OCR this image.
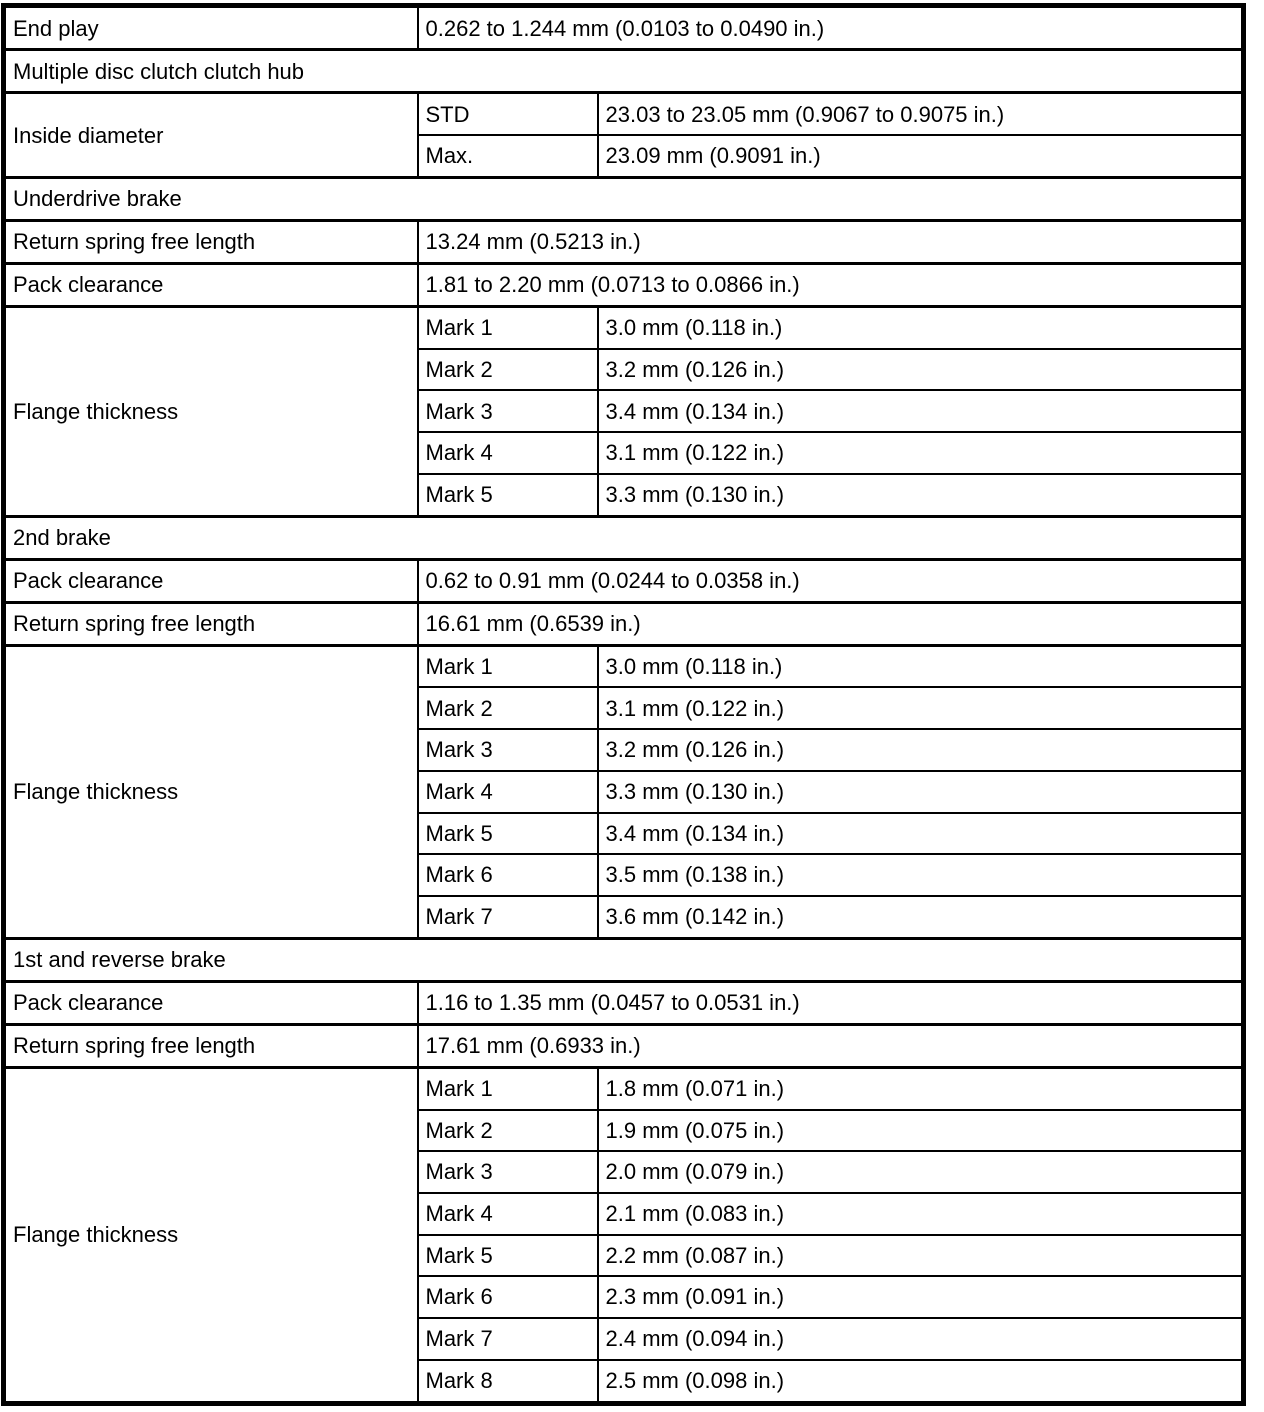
End play	0.262 to 1.244 mm (0.0103 to 0.0490 in.)	
Multiple disc clutch clutch hub		
Inside diameter	STD	23.03 to 23.05 mm (0.9067 to 0.9075 in.)
	Max.	23.09 mm (0.9091 in.)
Underdrive brake		
Return spring free length	13.24 mm (0.5213 in.)	
Pack clearance	1.81 to 2.20 mm (0.0713 to 0.0866 in.)	
Flange thickness	Mark 1	3.0 mm (0.118 in.)
	Mark 2	3.2 mm (0.126 in.)
	Mark 3	3.4 mm (0.134 in.)
	Mark 4	3.1 mm (0.122 in.)
	Mark 5	3.3 mm (0.130 in.)
2nd brake		
Pack clearance	0.62 to 0.91 mm (0.0244 to 0.0358 in.)	
Return spring free length	16.61 mm (0.6539 in.)	
Flange thickness	Mark 1	3.0 mm (0.118 in.)
	Mark 2	3.1 mm (0.122 in.)
	Mark 3	3.2 mm (0.126 in.)
	Mark 4	3.3 mm (0.130 in.)
	Mark 5	3.4 mm (0.134 in.)
	Mark 6	3.5 mm (0.138 in.)
	Mark 7	3.6 mm (0.142 in.)
1st and reverse brake		
Pack clearance	1.16 to 1.35 mm (0.0457 to 0.0531 in.)	
Return spring free length	17.61 mm (0.6933 in.)	
Flange thickness	Mark 1	1.8 mm (0.071 in.)
	Mark 2	1.9 mm (0.075 in.)
	Mark 3	2.0 mm (0.079 in.)
	Mark 4	2.1 mm (0.083 in.)
	Mark 5	2.2 mm (0.087 in.)
	Mark 6	2.3 mm (0.091 in.)
	Mark 7	2.4 mm (0.094 in.)
	Mark 8	2.5 mm (0.098 in.)
